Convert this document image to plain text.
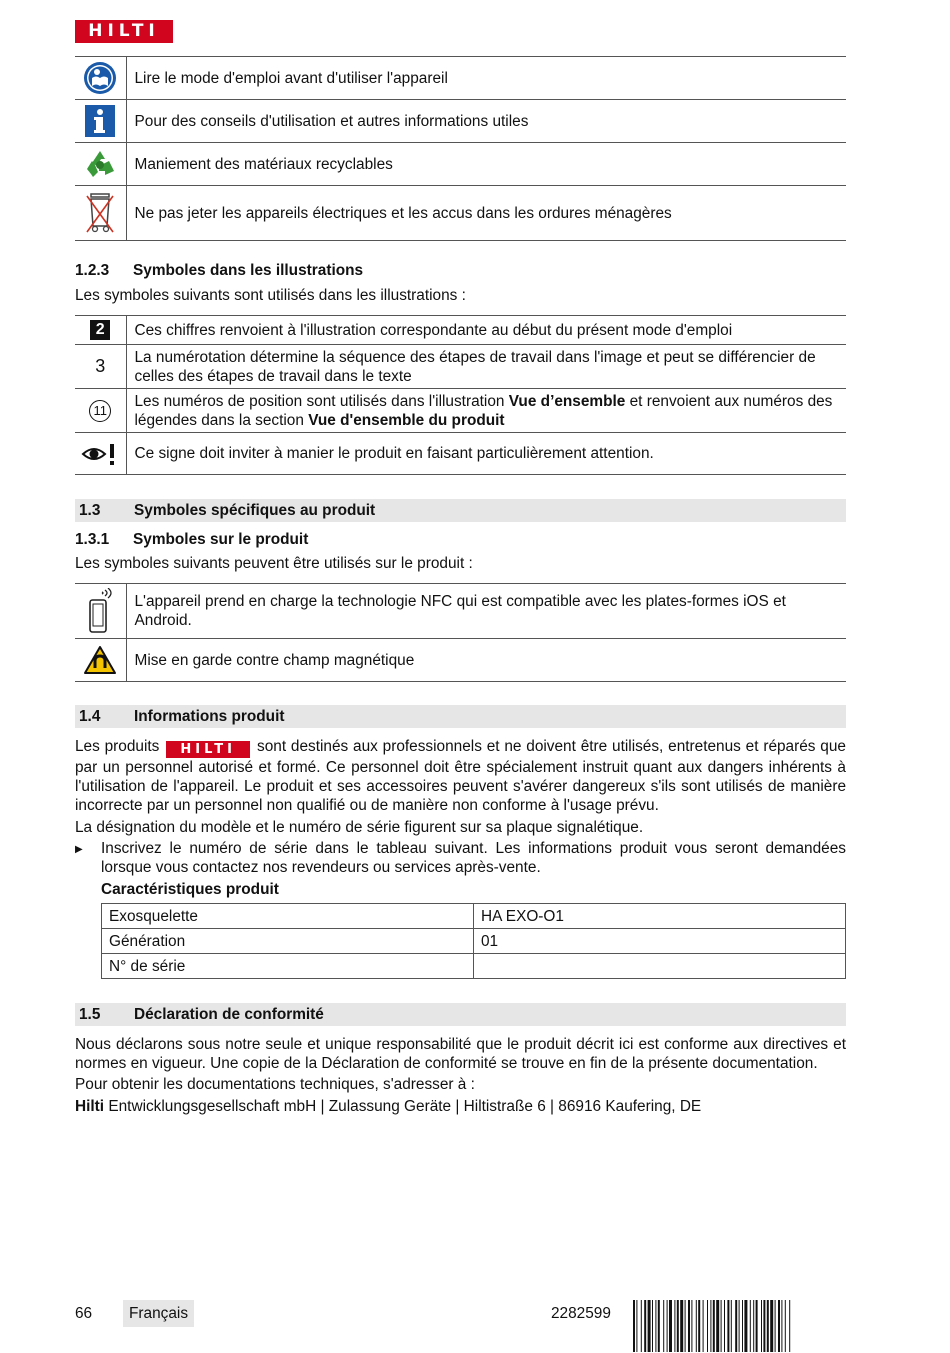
HILTI
	Lire le mode d'emploi avant d'utiliser l'appareil

	Pour des conseils d'utilisation et autres informations utiles

	Maniement des matériaux recyclables

	Ne pas jeter les appareils électriques et les accus dans les ordures ménagères
1.2.3	Symboles dans les illustrations

Les symboles suivants sont utilisés dans les illustrations :

2	Ces chiffres renvoient à l'illustration correspondante au début du présent mode d'emploi
3	La numérotation détermine la séquence des étapes de travail dans l'image et peut se différencier de celles des étapes de travail dans le texte
11	Les numéros de position sont utilisés dans l'illustration Vue d’ensemble et renvoient aux numéros des légendes dans la section Vue d'ensemble du produit

	Ce signe doit inviter à manier le produit en faisant particulièrement attention.
1.3	Symboles spécifiques au produit
1.3.1	Symboles sur le produit

Les symboles suivants peuvent être utilisés sur le produit :

	L'appareil prend en charge la technologie NFC qui est compatible avec les plates-formes iOS et Android.

	Mise en garde contre champ magnétique
1.4	Informations produit

Les produits HILTI sont destinés aux professionnels et ne doivent être utilisés, entretenus et réparés que par un personnel autorisé et formé. Ce personnel doit être spécialement instruit quant aux dangers inhérents à l'utilisation de l'appareil. Le produit et ses accessoires peuvent s'avérer dangereux s'ils sont utilisés de manière incorrecte par un personnel non qualifié ou de manière non conforme à l'usage prévu.

La désignation du modèle et le numéro de série figurent sur sa plaque signalétique.

▶	Inscrivez le numéro de série dans le tableau suivant. Les informations produit vous seront demandées lorsque vous contactez nos revendeurs ou services après-vente.
Caractéristiques produit
Exosquelette	HA EXO-O1
Génération	01
N° de série	
1.5	Déclaration de conformité

Nous déclarons sous notre seule et unique responsabilité que le produit décrit ici est conforme aux directives et normes en vigueur. Une copie de la Déclaration de conformité se trouve en fin de la présente documentation.

Pour obtenir les documentations techniques, s'adresser à :

Hilti Entwicklungsgesellschaft mbH | Zulassung Geräte | Hiltistraße 6 | 86916 Kaufering, DE

66	Français	2282599
